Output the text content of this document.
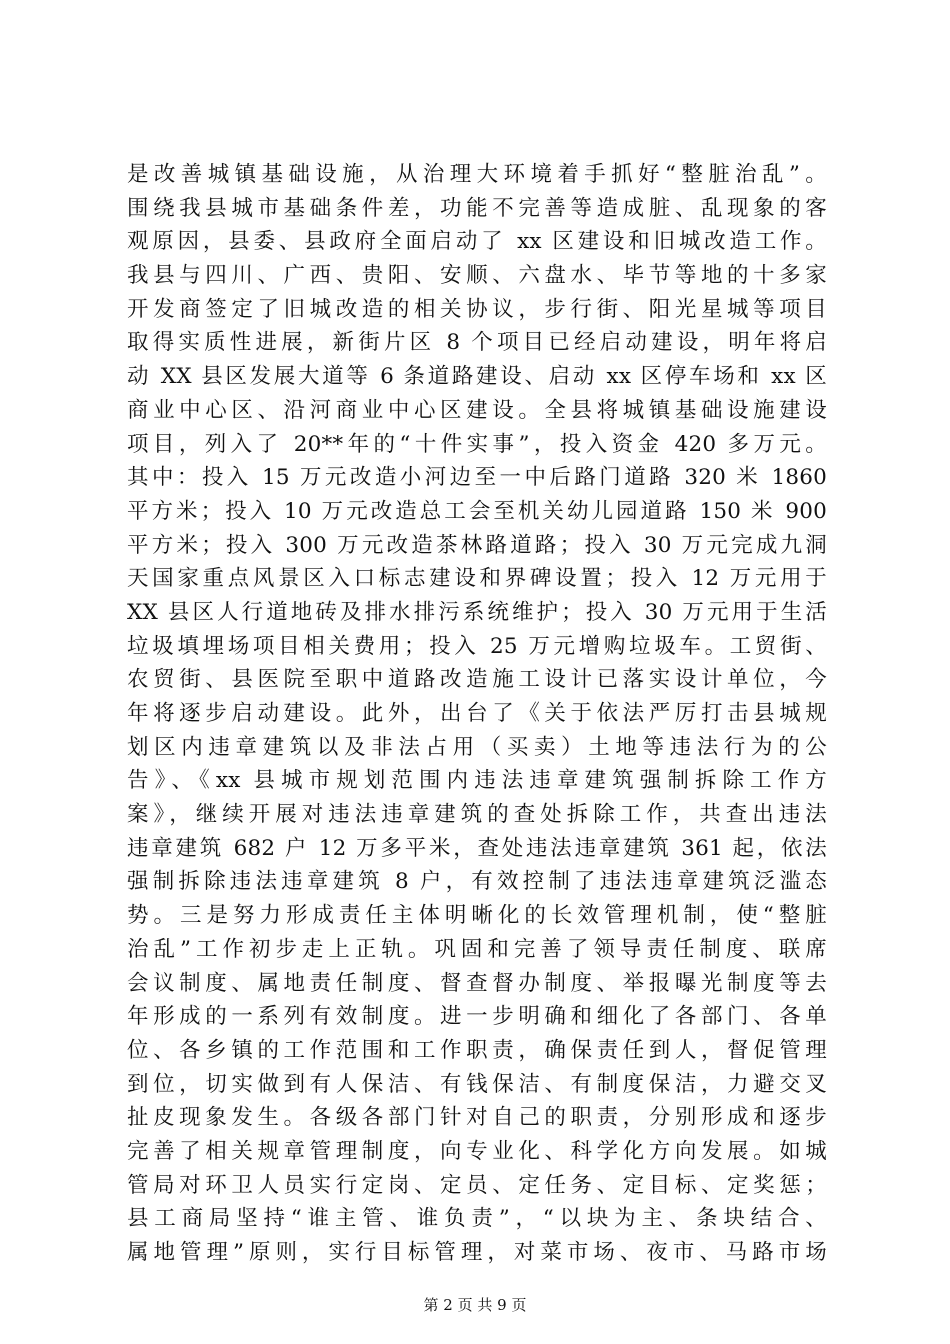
是改善城镇基础设施，从治理大环境着手抓好“整脏治乱”。
围绕我县城市基础条件差，功能不完善等造成脏、乱现象的客
观原因，县委、县政府全面启动了 xx 区建设和旧城改造工作。
我县与四川、广西、贵阳、安顺、六盘水、毕节等地的十多家
开发商签定了旧城改造的相关协议，步行街、阳光星城等项目
取得实质性进展，新街片区 8 个项目已经启动建设，明年将启
动 XX 县区发展大道等 6 条道路建设、启动 xx 区停车场和 xx 区
商业中心区、沿河商业中心区建设。全县将城镇基础设施建设
项目，列入了 20**年的“十件实事”，投入资金 420 多万元。
其中：投入 15 万元改造小河边至一中后路门道路 320 米 1860
平方米；投入 10 万元改造总工会至机关幼儿园道路 150 米 900
平方米；投入 300 万元改造茶林路道路；投入 30 万元完成九洞
天国家重点风景区入口标志建设和界碑设置；投入 12 万元用于
XX 县区人行道地砖及排水排污系统维护；投入 30 万元用于生活
垃圾填埋场项目相关费用；投入 25 万元增购垃圾车。工贸街、
农贸街、县医院至职中道路改造施工设计已落实设计单位，今
年将逐步启动建设。此外，出台了《关于依法严厉打击县城规
划区内违章建筑以及非法占用（买卖）土地等违法行为的公
告》、《xx 县城市规划范围内违法违章建筑强制拆除工作方
案》，继续开展对违法违章建筑的查处拆除工作，共查出违法
违章建筑 682 户 12 万多平米，查处违法违章建筑 361 起，依法
强制拆除违法违章建筑 8 户，有效控制了违法违章建筑泛滥态
势。三是努力形成责任主体明晰化的长效管理机制，使“整脏
治乱”工作初步走上正轨。巩固和完善了领导责任制度、联席
会议制度、属地责任制度、督查督办制度、举报曝光制度等去
年形成的一系列有效制度。进一步明确和细化了各部门、各单
位、各乡镇的工作范围和工作职责，确保责任到人，督促管理
到位，切实做到有人保洁、有钱保洁、有制度保洁，力避交叉
扯皮现象发生。各级各部门针对自己的职责，分别形成和逐步
完善了相关规章管理制度，向专业化、科学化方向发展。如城
管局对环卫人员实行定岗、定员、定任务、定目标、定奖惩；
县工商局坚持“谁主管、谁负责”，“以块为主、条块结合、
属地管理”原则，实行目标管理，对菜市场、夜市、马路市场
第 2 页 共 9 页
